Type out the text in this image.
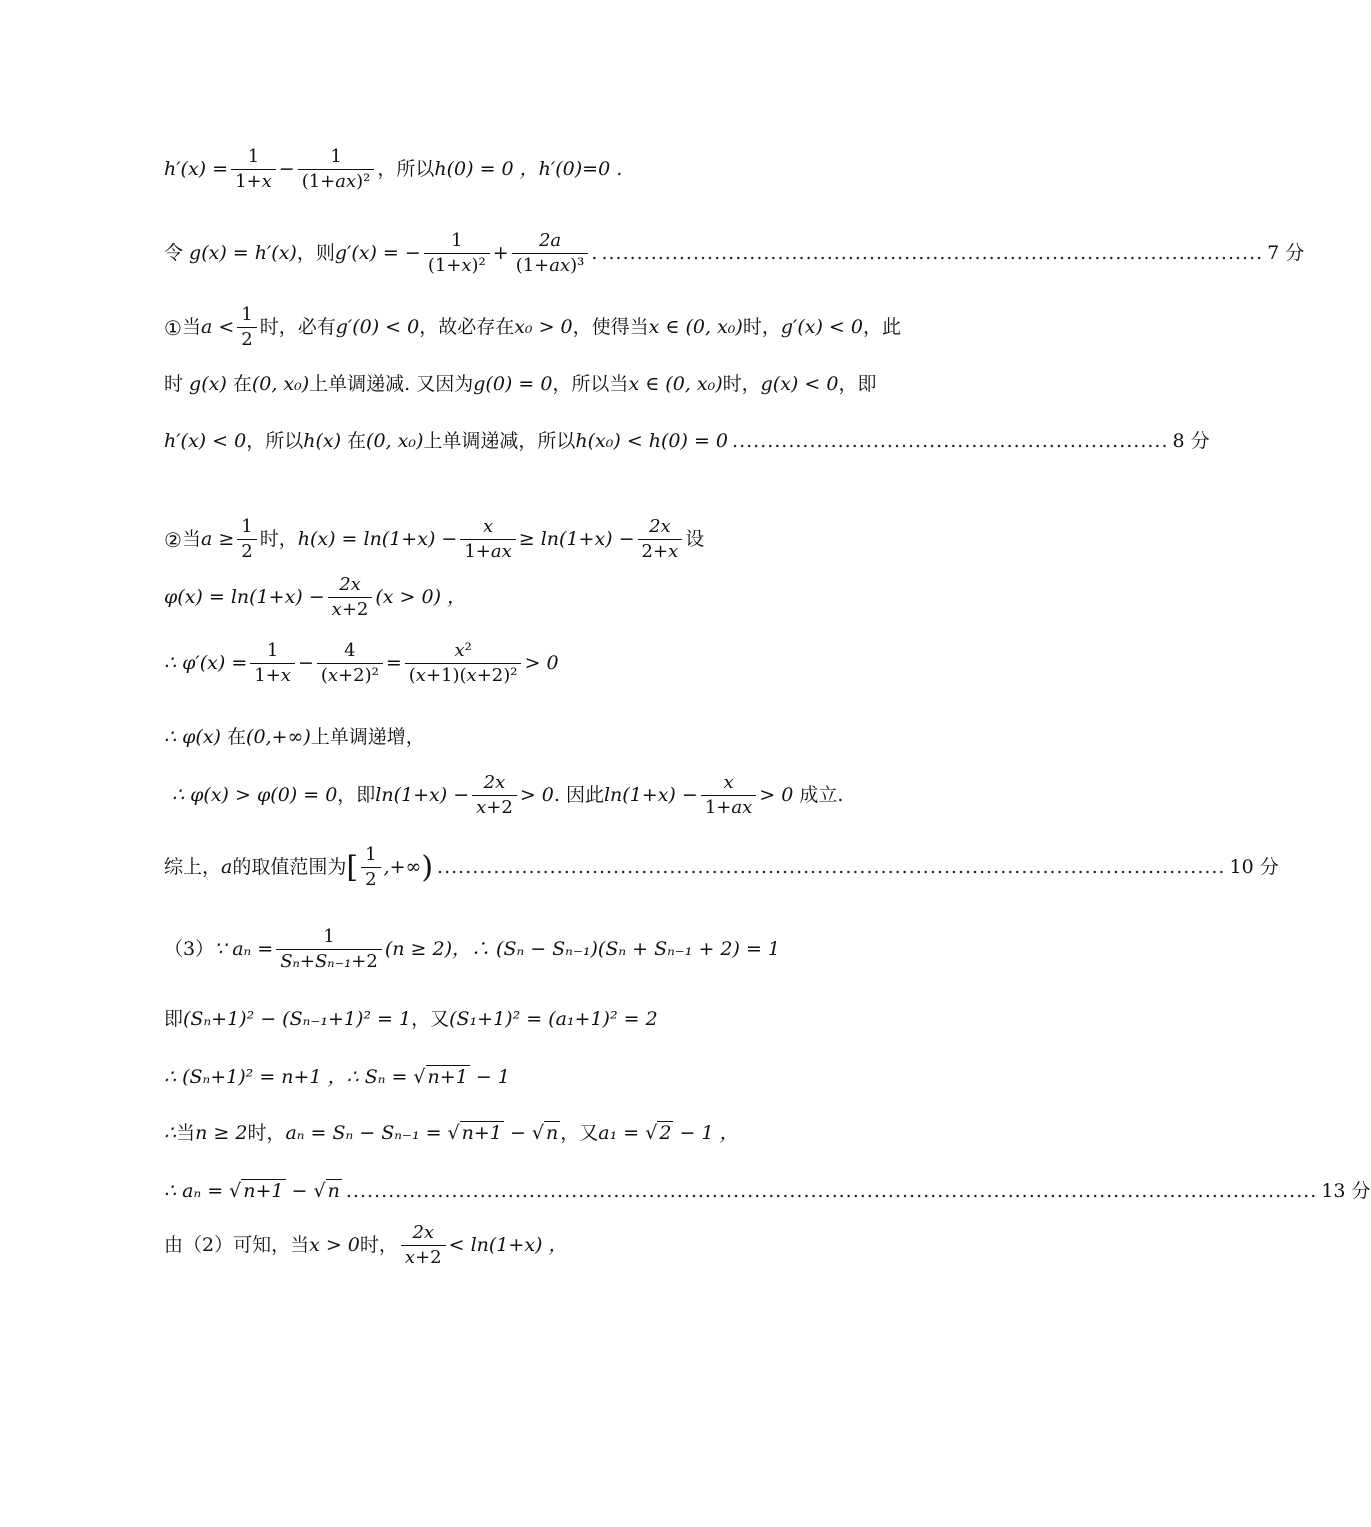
$h'(x) = \frac{1}{1+x} - \frac{1}{\text{(1+ax)²}}$ ，所以 h(0) = 0 ，h′(0)=0 .
令 g(x) = h′(x) ，则 g′(x) = − $\frac{1}{\text{(1+x)²}} + \frac{2a}{\text{(1+ax)³}}$ . .............................................................................................. 7 分
① 当 $a < \frac{1}{2}$ 时，必有 g′(0) < 0 ，故必存在 x₀ > 0 ，使得当 x ∈ (0, x₀) 时， g′(x) < 0 ，此
时 g(x) 在 (0, x₀) 上单调递减. 又因为 g(0) = 0 ，所以当 x ∈ (0, x₀) 时， g(x) < 0 ，即
h′(x) < 0 ，所以 h(x) 在 (0, x₀) 上单调递减，所以 h(x₀) < h(0) = 0 .............................................................. 8 分
② 当 $a \ge \frac{1}{2}$ 时， $h(x) = \ln(1+x) - \frac{x}{1+ax} \ge \ln(1+x) - \frac{2x}{2+x}$ 设
$\varphi(x) = \ln(1+x) - \frac{2x}{x+2} (x > 0)$ ，
∴ $\varphi'(x) = \frac{1}{1+x} - \frac{4}{\text{(x+2)²}} = \frac{\text{x²}}{\text{(x+1)(x+2)²}} > 0$
∴ φ(x) 在 (0,+∞) 上单调递增，
∴ φ(x) > φ(0) = 0 ，即 $\ln(1+x) - \frac{2x}{x+2} > 0$ . 因此 $\ln(1+x) - \frac{x}{1+ax} > 0$ 成立.
综上， a 的取值范围为 [ $\frac{1}{2}$ ,+∞ ) ................................................................................................................ 10 分
（3） ∵ $a_n = \frac{1}{\text{Sₙ+Sₙ₋₁+2}} (n \ge 2)$，∴ (Sₙ − Sₙ₋₁)(Sₙ + Sₙ₋₁ + 2) = 1
即 (Sₙ+1)² − (Sₙ₋₁+1)² = 1 ，又 (S₁+1)² = (a₁+1)² = 2
∴ (Sₙ+1)² = n+1 ，∴ Sₙ = √ n+1 − 1
∴ 当 n ≥ 2 时， aₙ = Sₙ − Sₙ₋₁ = √ n+1 − √ n ，又 a₁ = √ 2 − 1 ，
∴ aₙ = √ n+1 − √ n .......................................................................................................................................... 13 分
由（2）可知，当 x > 0 时， $\frac{2x}{x+2} < \ln(1+x)$ ，
